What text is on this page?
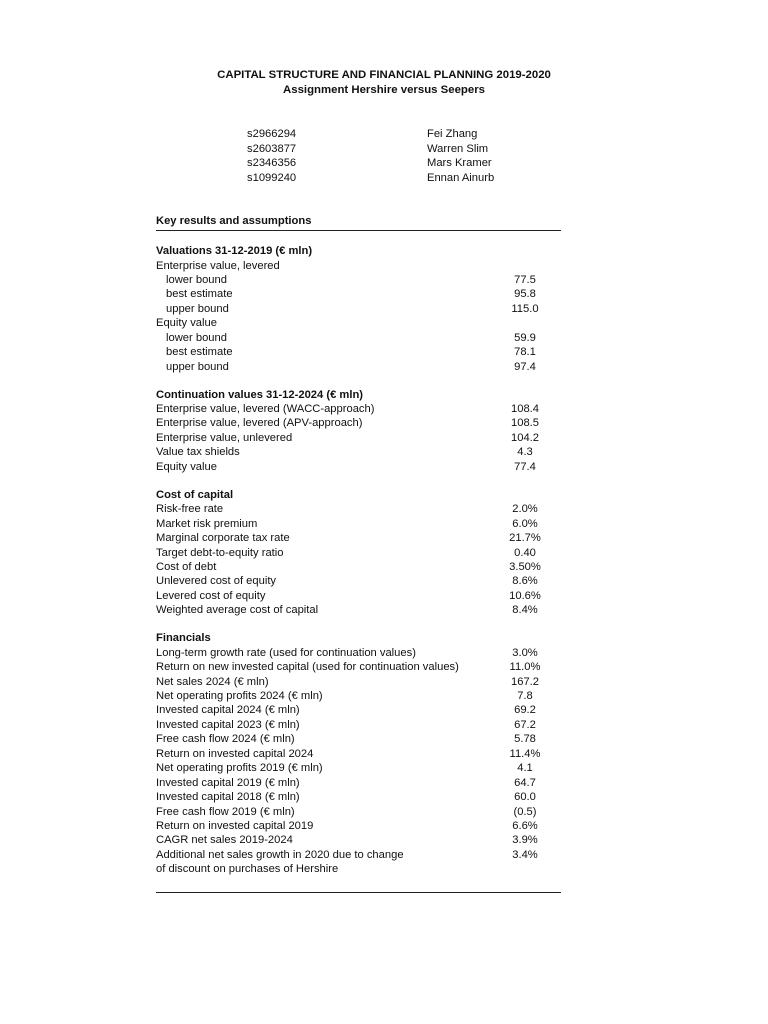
CAPITAL STRUCTURE AND FINANCIAL PLANNING 2019-2020
Assignment Hershire versus Seepers
s2966294	Fei Zhang
s2603877	Warren Slim
s2346356	Mars Kramer
s1099240	Ennan Ainurb
Key results and assumptions
Valuations 31-12-2019 (€ mln)
Enterprise value, levered
lower bound	77.5
best estimate	95.8
upper bound	115.0
Equity value
lower bound	59.9
best estimate	78.1
upper bound	97.4
Continuation values 31-12-2024 (€ mln)
Enterprise value, levered (WACC-approach)	108.4
Enterprise value, levered (APV-approach)	108.5
Enterprise value, unlevered	104.2
Value tax shields	4.3
Equity value	77.4
Cost of capital
Risk-free rate	2.0%
Market risk premium	6.0%
Marginal corporate tax rate	21.7%
Target debt-to-equity ratio	0.40
Cost of debt	3.50%
Unlevered cost of equity	8.6%
Levered cost of equity	10.6%
Weighted average cost of capital	8.4%
Financials
Long-term growth rate (used for continuation values)	3.0%
Return on new invested capital (used for continuation values)	11.0%
Net sales 2024 (€ mln)	167.2
Net operating profits 2024 (€ mln)	7.8
Invested capital 2024 (€ mln)	69.2
Invested capital 2023 (€ mln)	67.2
Free cash flow 2024 (€ mln)	5.78
Return on invested capital 2024	11.4%
Net operating profits 2019 (€ mln)	4.1
Invested capital 2019 (€ mln)	64.7
Invested capital 2018 (€ mln)	60.0
Free cash flow 2019 (€ mln)	(0.5)
Return on invested capital 2019	6.6%
CAGR net sales 2019-2024	3.9%
Additional net sales growth in 2020 due to change	3.4%
of discount on purchases of Hershire
